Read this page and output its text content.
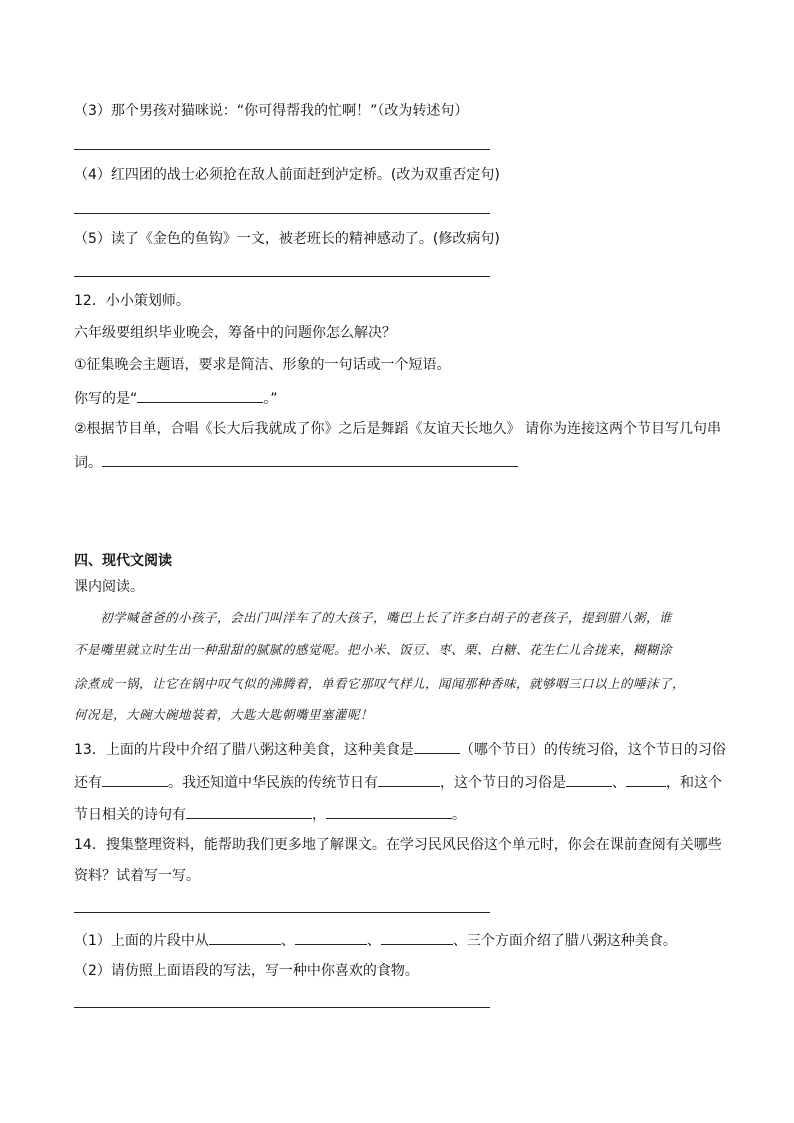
（3）那个男孩对猫咪说：“你可得帮我的忙啊！”（改为转述句）
（4）红四团的战士必须抢在敌人前面赶到泸定桥。(改为双重否定句)
（5）读了《金色的鱼钩》一文，被老班长的精神感动了。(修改病句)
12．小小策划师。
六年级要组织毕业晚会，筹备中的问题你怎么解决？
①征集晚会主题语，要求是简洁、形象的一句话或一个短语。
你写的是“	。”
②根据节目单，合唱《长大后我就成了你》之后是舞蹈《友谊天长地久》 请你为连接这两个节目写几句串
词。
四、现代文阅读
课内阅读。
初学喊爸爸的小孩子，会出门叫洋车了的大孩子，嘴巴上长了许多白胡子的老孩子，提到腊八粥，谁
不是嘴里就立时生出一种甜甜的腻腻的感觉呢。把小米、饭豆、枣、栗、白糖、花生仁儿合拢来，糊糊涂
涂煮成一锅，让它在锅中叹气似的沸腾着，单看它那叹气样儿，闻闻那种香味，就够咽三口以上的唾沫了，
何况是，大碗大碗地装着，大匙大匙朝嘴里塞灌呢！
13．上面的片段中介绍了腊八粥这种美食，这种美食是	（哪个节日）的传统习俗，这个节日的习俗
还有	。我还知道中华民族的传统节日有	，这个节日的习俗是	、	，和这个
节日相关的诗句有	，	。
14．搜集整理资料，能帮助我们更多地了解课文。在学习民风民俗这个单元时，你会在课前查阅有关哪些
资料？试着写一写。
（1）上面的片段中从	、	、	、三个方面介绍了腊八粥这种美食。
（2）请仿照上面语段的写法，写一种中你喜欢的食物。
